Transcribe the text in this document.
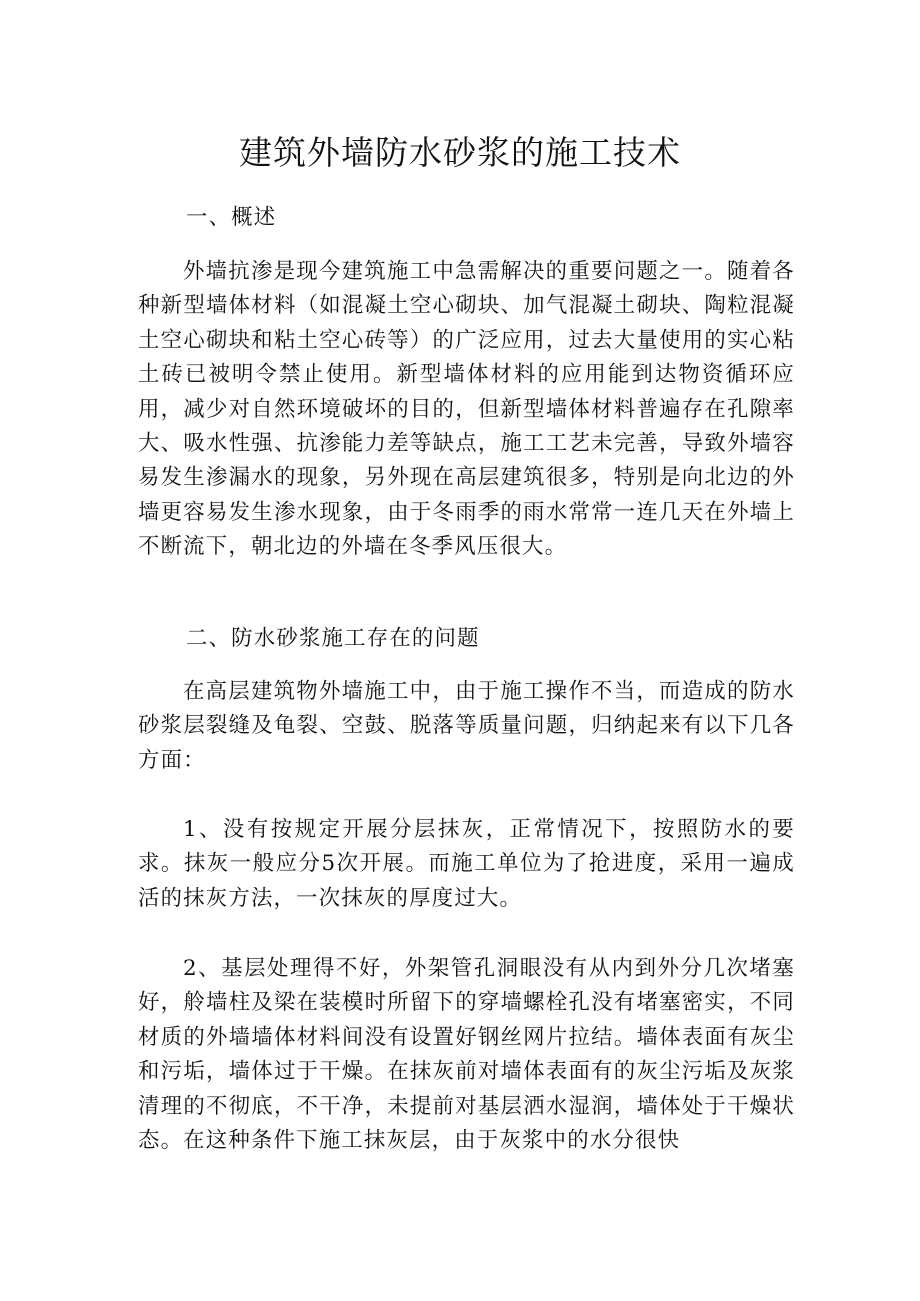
建筑外墙防水砂浆的施工技术

一、概述

外墙抗渗是现今建筑施工中急需解决的重要问题之一。随着各种新型墙体材料（如混凝土空心砌块、加气混凝土砌块、陶粒混凝土空心砌块和粘土空心砖等）的广泛应用，过去大量使用的实心粘土砖已被明令禁止使用。新型墙体材料的应用能到达物资循环应用，减少对自然环境破坏的目的，但新型墙体材料普遍存在孔隙率大、吸水性强、抗渗能力差等缺点，施工工艺未完善，导致外墙容易发生渗漏水的现象，另外现在高层建筑很多，特别是向北边的外墙更容易发生渗水现象，由于冬雨季的雨水常常一连几天在外墙上不断流下，朝北边的外墙在冬季风压很大。

二、防水砂浆施工存在的问题

在高层建筑物外墙施工中，由于施工操作不当，而造成的防水砂浆层裂缝及龟裂、空鼓、脱落等质量问题，归纳起来有以下几各方面：

1、没有按规定开展分层抹灰，正常情况下，按照防水的要求。抹灰一般应分5次开展。而施工单位为了抢进度，采用一遍成活的抹灰方法，一次抹灰的厚度过大。

2、基层处理得不好，外架管孔洞眼没有从内到外分几次堵塞好，舲墙柱及梁在装模时所留下的穿墙螺栓孔没有堵塞密实，不同材质的外墙墙体材料间没有设置好钢丝网片拉结。墙体表面有灰尘和污垢，墙体过于干燥。在抹灰前对墙体表面有的灰尘污垢及灰浆清理的不彻底，不干净，未提前对基层洒水湿润，墙体处于干燥状态。在这种条件下施工抹灰层，由于灰浆中的水分很快
